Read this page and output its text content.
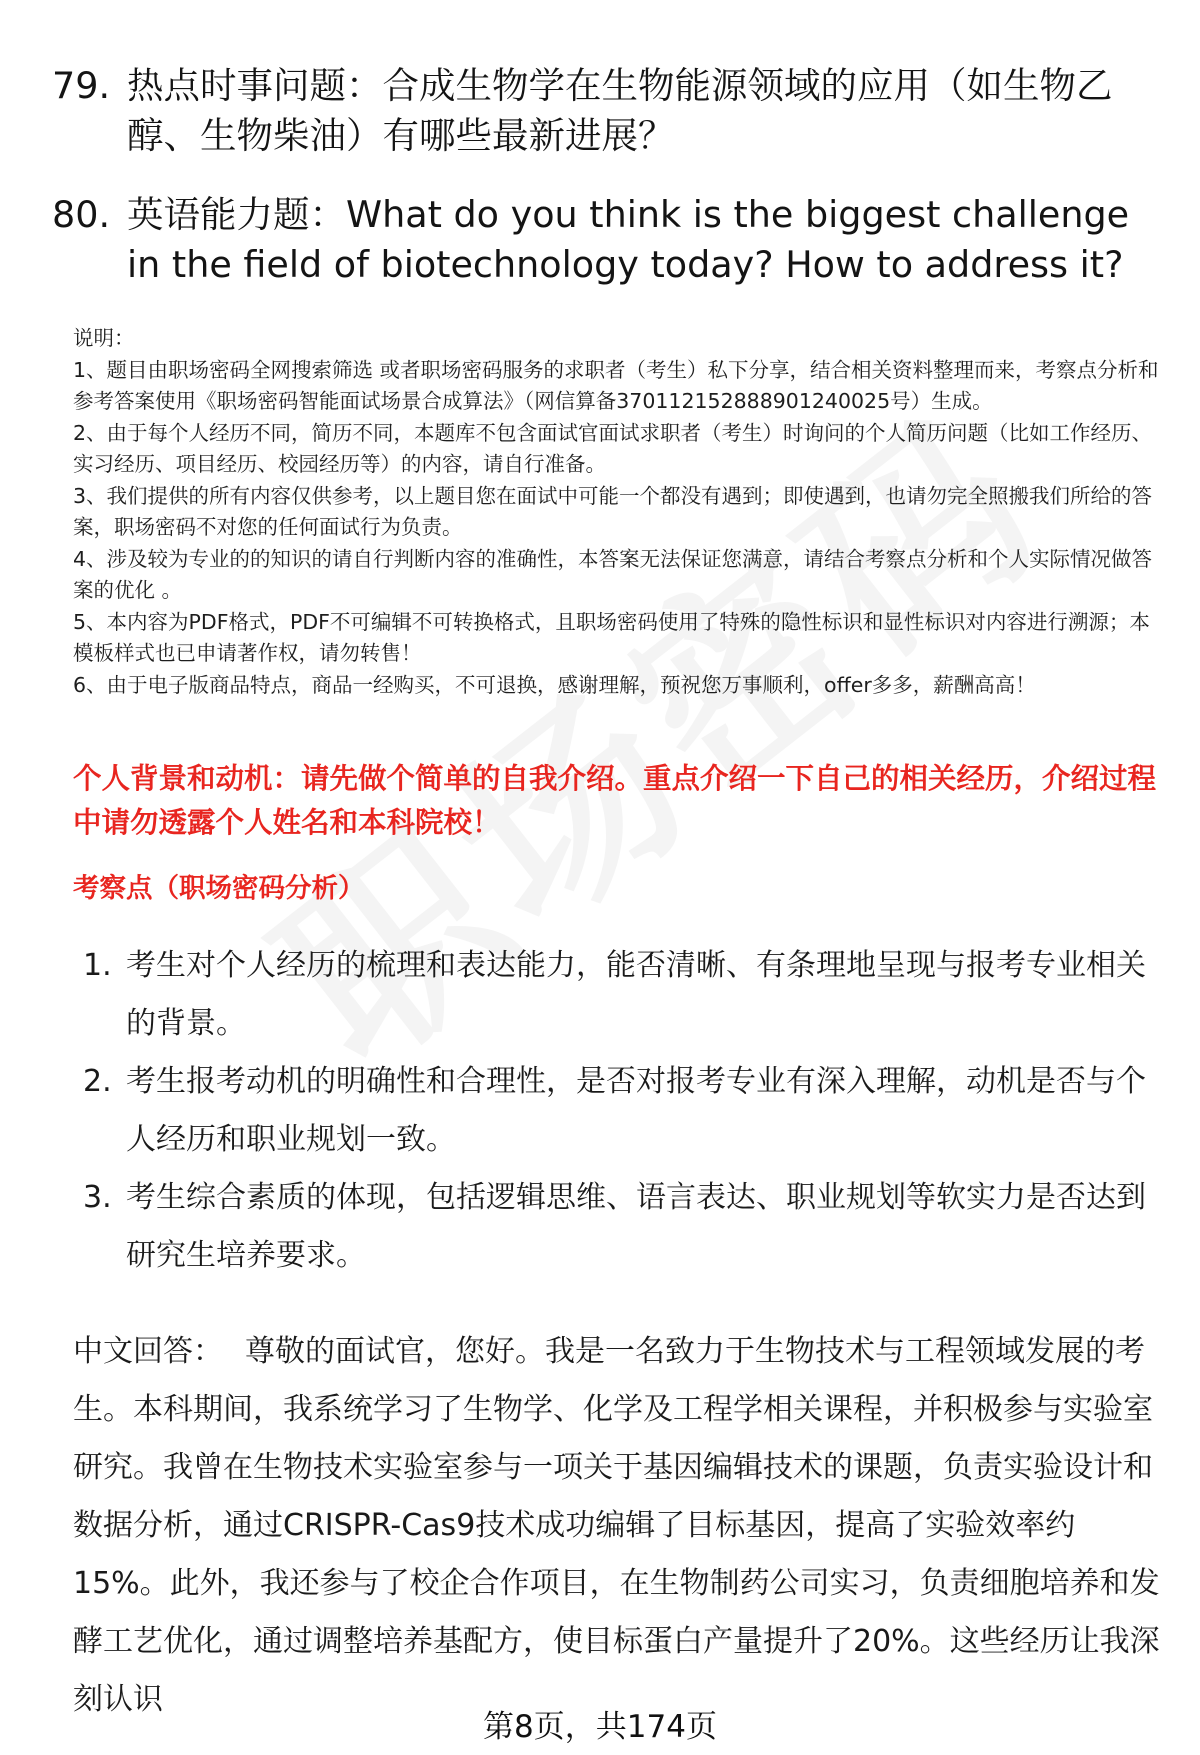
79. 热点时事问题：合成生物学在生物能源领域的应用（如生物乙醇、生物柴油）有哪些最新进展？
80. 英语能力题：What do you think is the biggest challenge in the field of biotechnology today? How to address it?

说明：

1、题目由职场密码全网搜索筛选 或者职场密码服务的求职者（考生）私下分享，结合相关资料整理而来，考察点分析和参考答案使用《职场密码智能面试场景合成算法》（网信算备370112152888901240025号）生成。

2、由于每个人经历不同，简历不同，本题库不包含面试官面试求职者（考生）时询问的个人简历问题（比如工作经历、实习经历、项目经历、校园经历等）的内容，请自行准备。

3、我们提供的所有内容仅供参考，以上题目您在面试中可能一个都没有遇到；即使遇到，也请勿完全照搬我们所给的答案，职场密码不对您的任何面试行为负责。

4、涉及较为专业的的知识的请自行判断内容的准确性，本答案无法保证您满意，请结合考察点分析和个人实际情况做答案的优化 。

5、本内容为PDF格式，PDF不可编辑不可转换格式，且职场密码使用了特殊的隐性标识和显性标识对内容进行溯源；本模板样式也已申请著作权，请勿转售！

6、由于电子版商品特点，商品一经购买，不可退换，感谢理解，预祝您万事顺利，offer多多，薪酬高高！

个人背景和动机：请先做个简单的自我介绍。重点介绍一下自己的相关经历，介绍过程中请勿透露个人姓名和本科院校！
考察点（职场密码分析）
1. 考生对个人经历的梳理和表达能力，能否清晰、有条理地呈现与报考专业相关的背景。
2. 考生报考动机的明确性和合理性，是否对报考专业有深入理解，动机是否与个人经历和职业规划一致。
3. 考生综合素质的体现，包括逻辑思维、语言表达、职业规划等软实力是否达到研究生培养要求。
中文回答： 尊敬的面试官，您好。我是一名致力于生物技术与工程领域发展的考生。本科期间，我系统学习了生物学、化学及工程学相关课程，并积极参与实验室研究。我曾在生物技术实验室参与一项关于基因编辑技术的课题，负责实验设计和数据分析，通过CRISPR-Cas9技术成功编辑了目标基因，提高了实验效率约15%。此外，我还参与了校企合作项目，在生物制药公司实习，负责细胞培养和发酵工艺优化，通过调整培养基配方，使目标蛋白产量提升了20%。这些经历让我深刻认识
第8页，共174页
